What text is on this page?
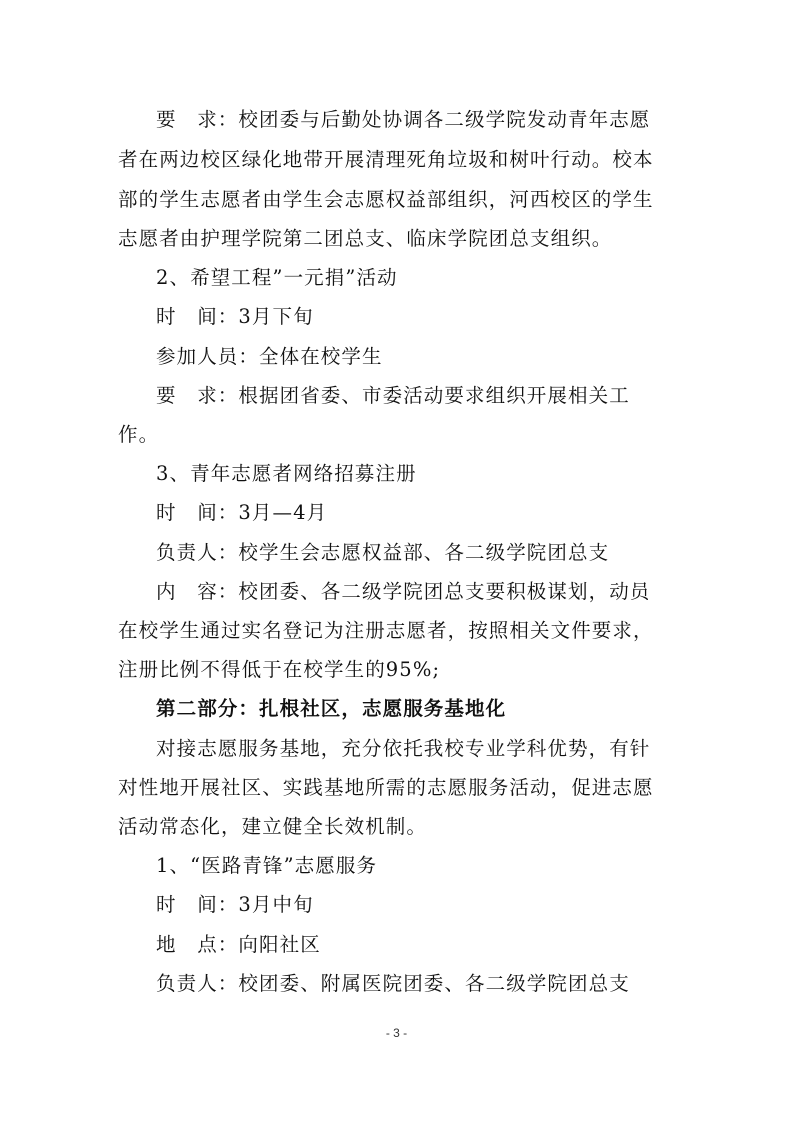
要　求：校团委与后勤处协调各二级学院发动青年志愿
者在两边校区绿化地带开展清理死角垃圾和树叶行动。校本
部的学生志愿者由学生会志愿权益部组织，河西校区的学生
志愿者由护理学院第二团总支、临床学院团总支组织。
2、希望工程”一元捐”活动
时　间：3月下旬
参加人员：全体在校学生
要　求：根据团省委、市委活动要求组织开展相关工
作。
3、青年志愿者网络招募注册
时　间：3月—4月
负责人：校学生会志愿权益部、各二级学院团总支
内　容：校团委、各二级学院团总支要积极谋划，动员
在校学生通过实名登记为注册志愿者，按照相关文件要求，
注册比例不得低于在校学生的95%;
第二部分：扎根社区，志愿服务基地化
对接志愿服务基地，充分依托我校专业学科优势，有针
对性地开展社区、实践基地所需的志愿服务活动，促进志愿
活动常态化，建立健全长效机制。
1、“医路青锋”志愿服务
时　间：3月中旬
地　点：向阳社区
负责人：校团委、附属医院团委、各二级学院团总支
- 3 -
